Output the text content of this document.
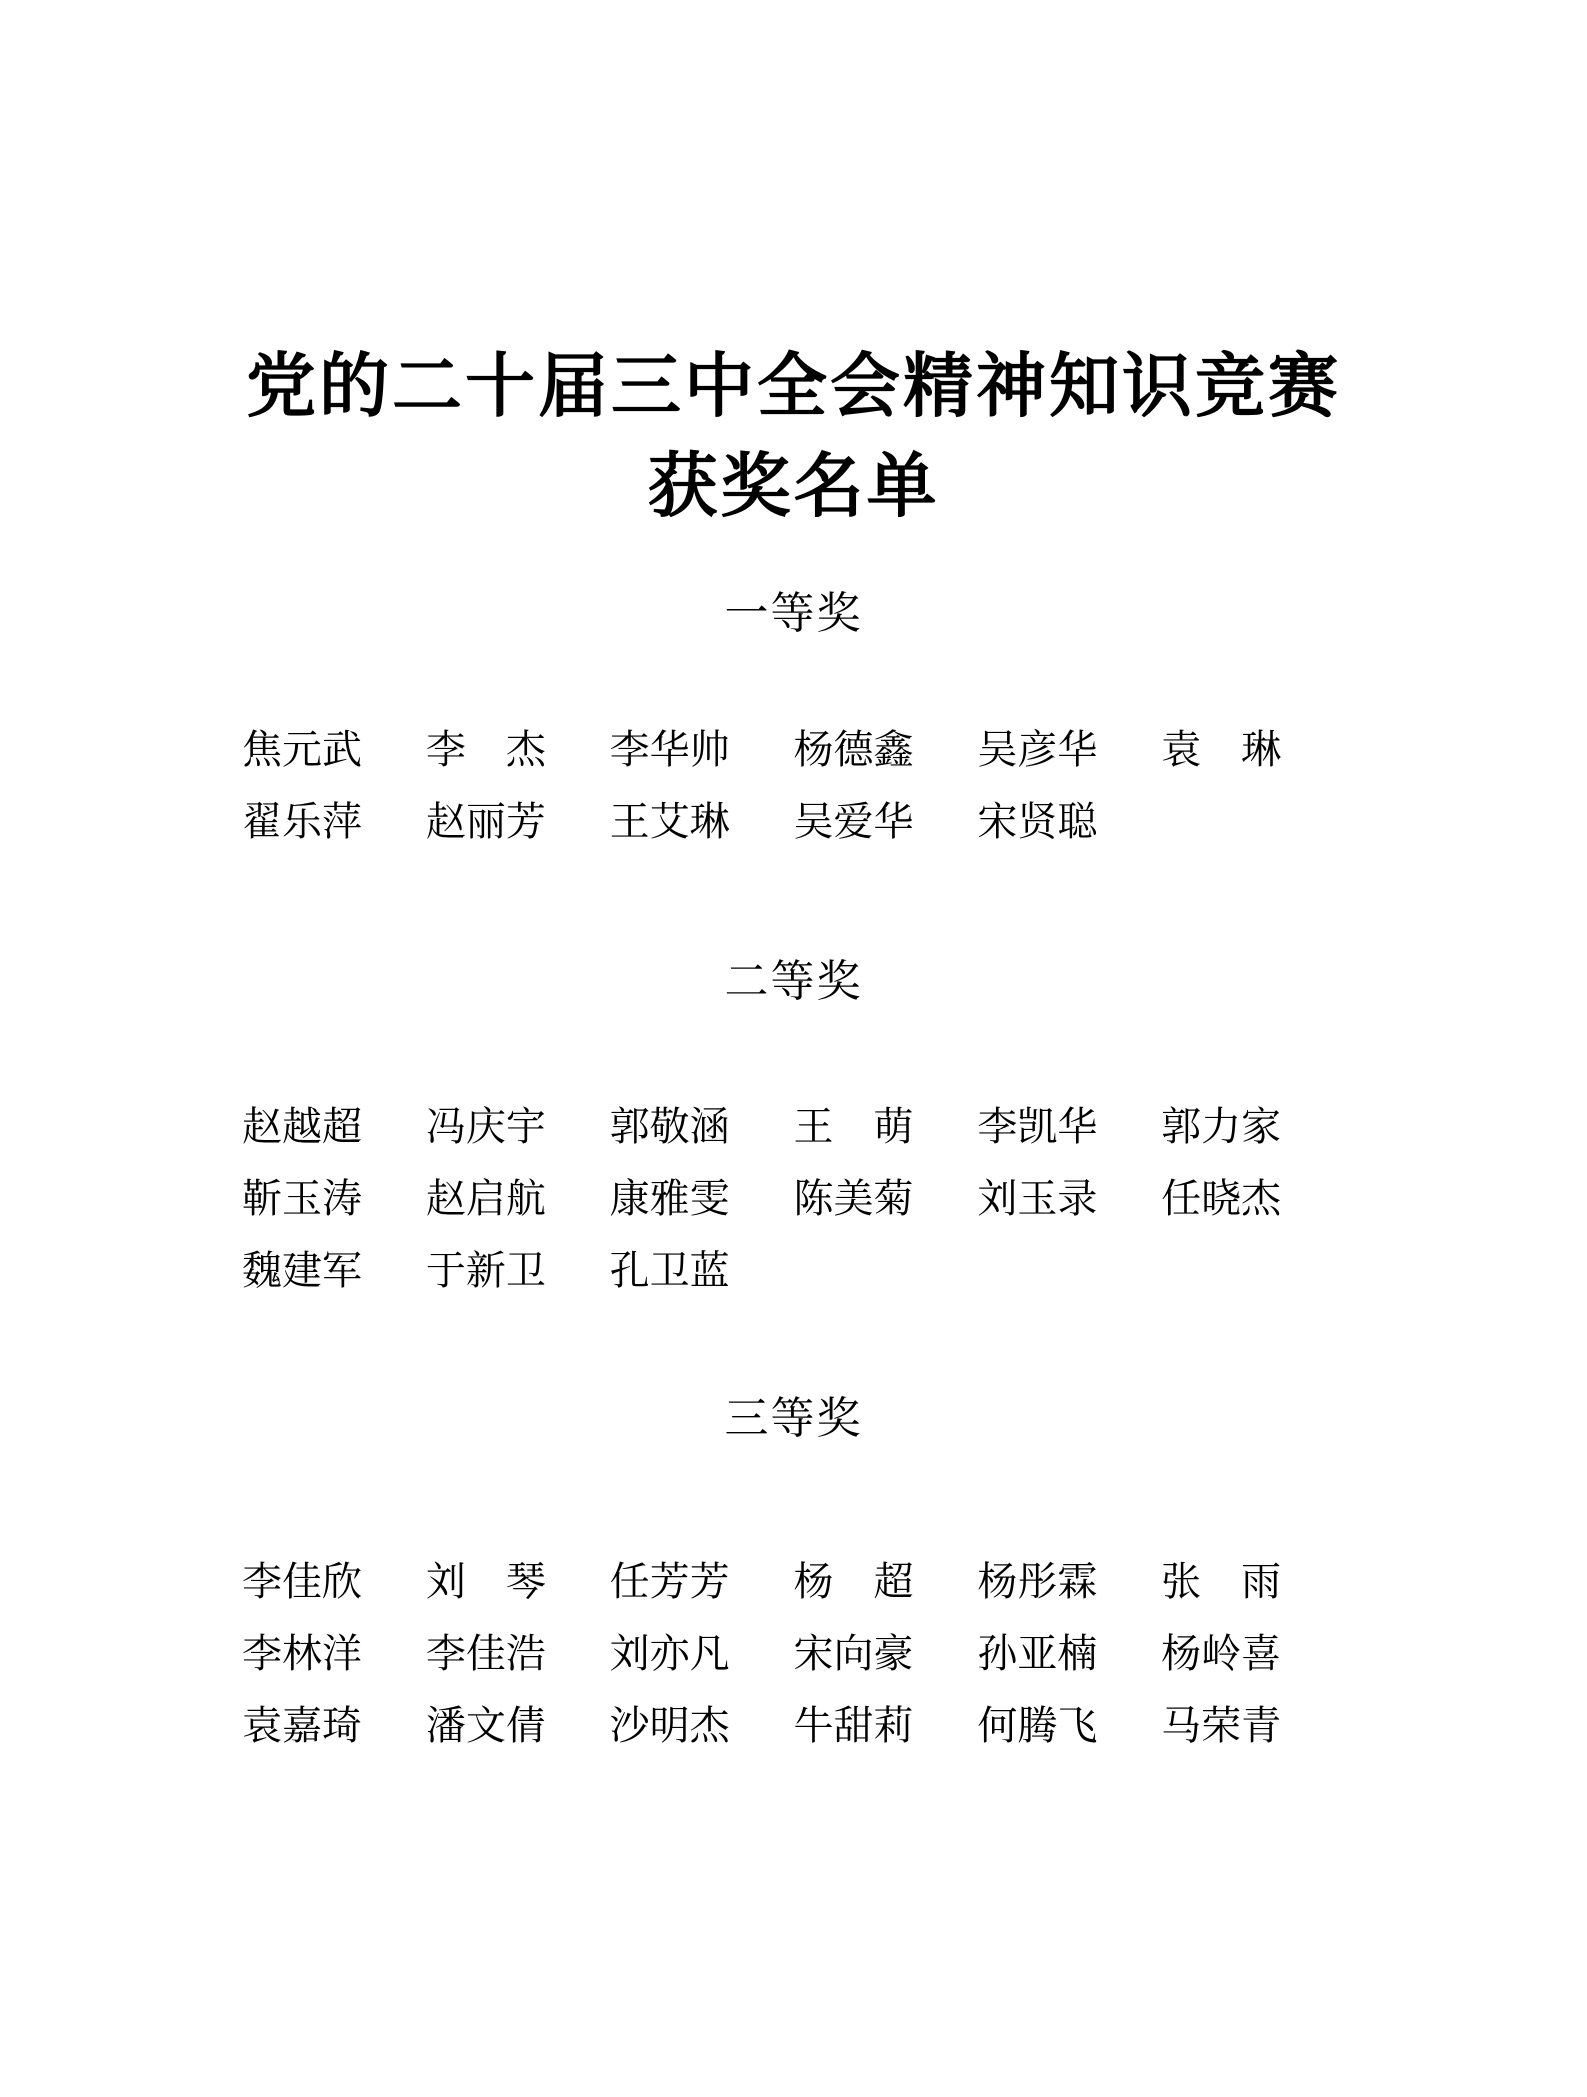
党的二十届三中全会精神知识竞赛
获奖名单
一等奖
焦元武	李　杰	李华帅	杨德鑫	吴彦华	袁　琳
翟乐萍	赵丽芳	王艾琳	吴爱华	宋贤聪
二等奖
赵越超	冯庆宇	郭敬涵	王　萌	李凯华	郭力家
靳玉涛	赵启航	康雅雯	陈美菊	刘玉录	任晓杰
魏建军	于新卫	孔卫蓝
三等奖
李佳欣	刘　琴	任芳芳	杨　超	杨彤霖	张　雨
李林洋	李佳浩	刘亦凡	宋向豪	孙亚楠	杨岭喜
袁嘉琦	潘文倩	沙明杰	牛甜莉	何腾飞	马荣青
